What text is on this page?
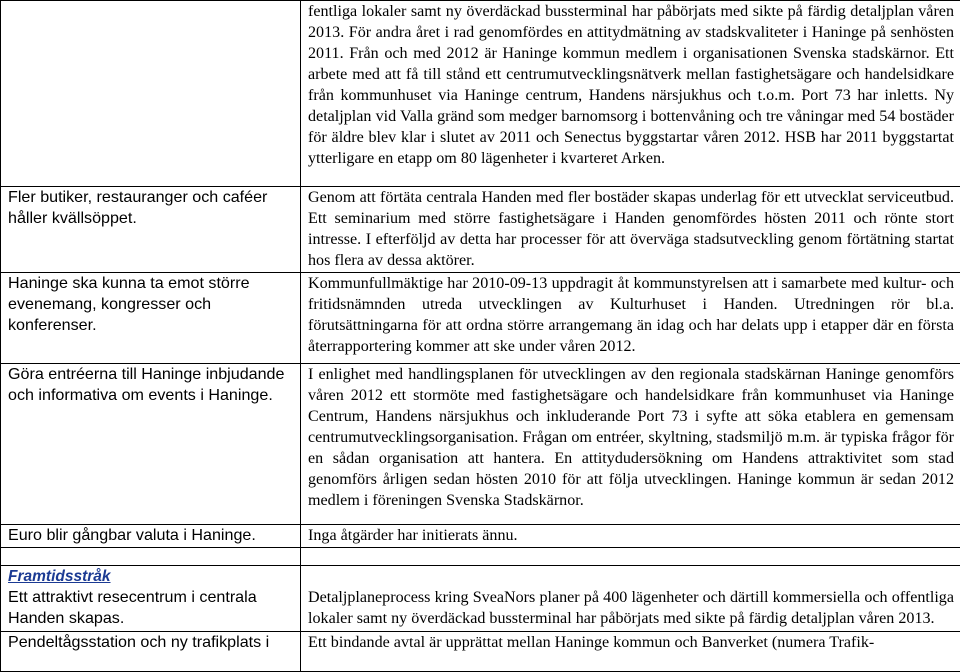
	fentliga lokaler samt ny överdäckad bussterminal har påbörjats med sikte på färdig detaljplan våren 2013. För andra året i rad genomfördes en attitydmätning av stadskvaliteter i Haninge på senhösten 2011. Från och med 2012 är Haninge kommun medlem i organisationen Svenska stadskärnor. Ett arbete med att få till stånd ett centrumutvecklingsnätverk mellan fastighetsägare och handelsidkare från kommunhuset via Haninge centrum, Handens närsjukhus och t.o.m. Port 73 har inletts. Ny detaljplan vid Valla gränd som medger barnomsorg i bottenvåning och tre våningar med 54 bostäder för äldre blev klar i slutet av 2011 och Senectus byggstartar våren 2012. HSB har 2011 byggstartat ytterligare en etapp om 80 lägenheter i kvarteret Arken.
Fler butiker, restauranger och caféer håller kvällsöppet.	Genom att förtäta centrala Handen med fler bostäder skapas underlag för ett utvecklat serviceutbud. Ett seminarium med större fastighetsägare i Handen genomfördes hösten 2011 och rönte stort intresse. I efterföljd av detta har processer för att överväga stadsutveckling genom förtätning startat hos flera av dessa aktörer.
Haninge ska kunna ta emot större evenemang, kongresser och konferenser.	Kommunfullmäktige har 2010-09-13 uppdragit åt kommunstyrelsen att i samarbete med kultur- och fritidsnämnden utreda utvecklingen av Kulturhuset i Handen. Utredningen rör bl.a. förutsättningarna för att ordna större arrangemang än idag och har delats upp i etapper där en första återrapportering kommer att ske under våren 2012.
Göra entréerna till Haninge inbjudande och informativa om events i Haninge.	I enlighet med handlingsplanen för utvecklingen av den regionala stadskärnan Haninge genomförs våren 2012 ett stormöte med fastighetsägare och handelsidkare från kommunhuset via Haninge Centrum, Handens närsjukhus och inkluderande Port 73 i syfte att söka etablera en gemensam centrumutvecklingsorganisation. Frågan om entréer, skyltning, stadsmiljö m.m. är typiska frågor för en sådan organisation att hantera. En attitydudersökning om Handens attraktivitet som stad genomförs årligen sedan hösten 2010 för att följa utvecklingen. Haninge kommun är sedan 2012 medlem i föreningen Svenska Stadskärnor.
Euro blir gångbar valuta i Haninge.	Inga åtgärder har initierats ännu.

Framtidsstråk
Ett attraktivt resecentrum i centrala Handen skapas.	Detaljplaneprocess kring SveaNors planer på 400 lägenheter och därtill kommersiella och offentliga lokaler samt ny överdäckad bussterminal har påbörjats med sikte på färdig detaljplan våren 2013.
Pendeltågsstation och ny trafikplats i	Ett bindande avtal är upprättat mellan Haninge kommun och Banverket (numera Trafik-
